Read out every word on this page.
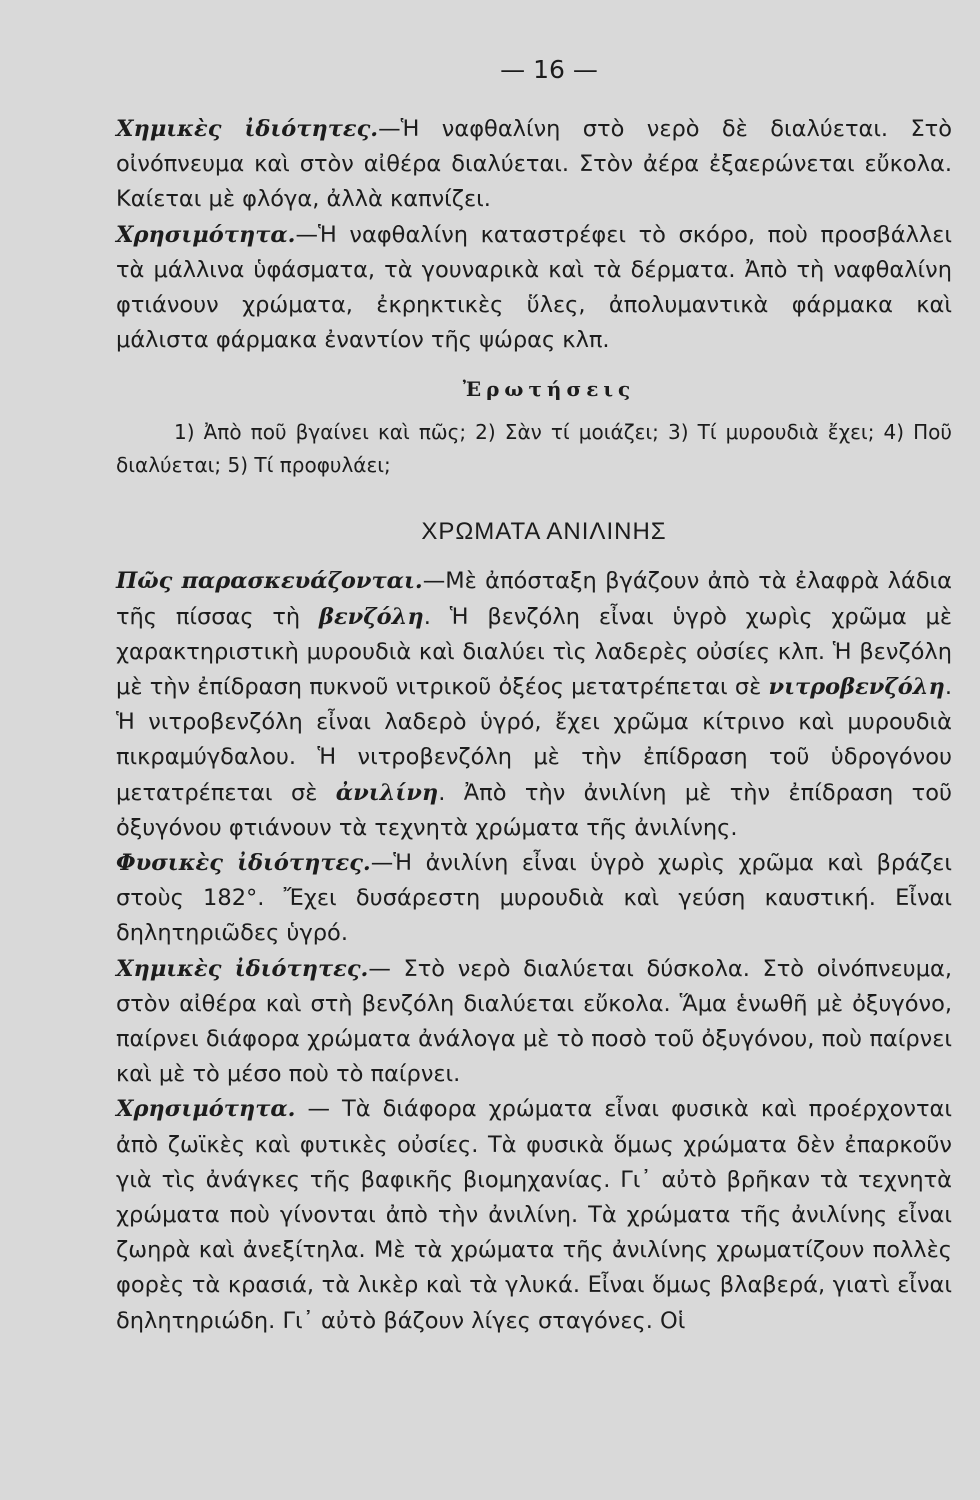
— 16 —

Χημικὲς ἰδιότητες.—Ἡ ναφθαλίνη στὸ νερὸ δὲ διαλύεται. Στὸ οἰνόπνευμα καὶ στὸν αἰθέρα διαλύεται. Στὸν ἀέρα ἐξαερώνεται εὔκολα. Καίεται μὲ φλόγα, ἀλλὰ καπνίζει.

Χρησιμότητα.—Ἡ ναφθαλίνη καταστρέφει τὸ σκόρο, ποὺ προσβάλλει τὰ μάλλινα ὑφάσματα, τὰ γουναρικὰ καὶ τὰ δέρματα. Ἀπὸ τὴ ναφθαλίνη φτιάνουν χρώματα, ἐκρηκτικὲς ὕλες, ἀπολυμαντικὰ φάρμακα καὶ μάλιστα φάρμακα ἐναντίον τῆς ψώρας κλπ.

Ἐρωτήσεις

1) Ἀπὸ ποῦ βγαίνει καὶ πῶς; 2) Σὰν τί μοιάζει; 3) Τί μυρουδιὰ ἔχει; 4) Ποῦ διαλύεται; 5) Τί προφυλάει;

ΧΡΩΜΑΤΑ ΑΝΙΛΙΝΗΣ

Πῶς παρασκευάζονται.—Μὲ ἀπόσταξη βγάζουν ἀπὸ τὰ ἐλαφρὰ λάδια τῆς πίσσας τὴ βενζόλη. Ἡ βενζόλη εἶναι ὑγρὸ χωρὶς χρῶμα μὲ χαρακτηριστικὴ μυρουδιὰ καὶ διαλύει τὶς λαδερὲς οὐσίες κλπ. Ἡ βενζόλη μὲ τὴν ἐπίδραση πυκνοῦ νιτρικοῦ ὀξέος μετατρέπεται σὲ νιτροβενζόλη. Ἡ νιτροβενζόλη εἶναι λαδερὸ ὑγρό, ἔχει χρῶμα κίτρινο καὶ μυρουδιὰ πικραμύγδαλου. Ἡ νιτροβενζόλη μὲ τὴν ἐπίδραση τοῦ ὑδρογόνου μετατρέπεται σὲ ἀνιλίνη. Ἀπὸ τὴν ἀνιλίνη μὲ τὴν ἐπίδραση τοῦ ὀξυγόνου φτιάνουν τὰ τεχνητὰ χρώματα τῆς ἀνιλίνης.

Φυσικὲς ἰδιότητες.—Ἡ ἀνιλίνη εἶναι ὑγρὸ χωρὶς χρῶμα καὶ βράζει στοὺς 182°. Ἔχει δυσάρεστη μυρουδιὰ καὶ γεύση καυστική. Εἶναι δηλητηριῶδες ὑγρό.

Χημικὲς ἰδιότητες.— Στὸ νερὸ διαλύεται δύσκολα. Στὸ οἰνόπνευμα, στὸν αἰθέρα καὶ στὴ βενζόλη διαλύεται εὔκολα. Ἅμα ἑνωθῆ μὲ ὀξυγόνο, παίρνει διάφορα χρώματα ἀνάλογα μὲ τὸ ποσὸ τοῦ ὀξυγόνου, ποὺ παίρνει καὶ μὲ τὸ μέσο ποὺ τὸ παίρνει.

Χρησιμότητα. — Τὰ διάφορα χρώματα εἶναι φυσικὰ καὶ προέρχονται ἀπὸ ζωϊκὲς καὶ φυτικὲς οὐσίες. Τὰ φυσικὰ ὅμως χρώματα δὲν ἐπαρκοῦν γιὰ τὶς ἀνάγκες τῆς βαφικῆς βιομηχανίας. Γι᾽ αὐτὸ βρῆκαν τὰ τεχνητὰ χρώματα ποὺ γίνονται ἀπὸ τὴν ἀνιλίνη. Τὰ χρώματα τῆς ἀνιλίνης εἶναι ζωηρὰ καὶ ἀνεξίτηλα. Μὲ τὰ χρώματα τῆς ἀνιλίνης χρωματίζουν πολλὲς φορὲς τὰ κρασιά, τὰ λικὲρ καὶ τὰ γλυκά. Εἶναι ὅμως βλαβερά, γιατὶ εἶναι δηλητηριώδη. Γι᾽ αὐτὸ βάζουν λίγες σταγόνες. Οἱ
